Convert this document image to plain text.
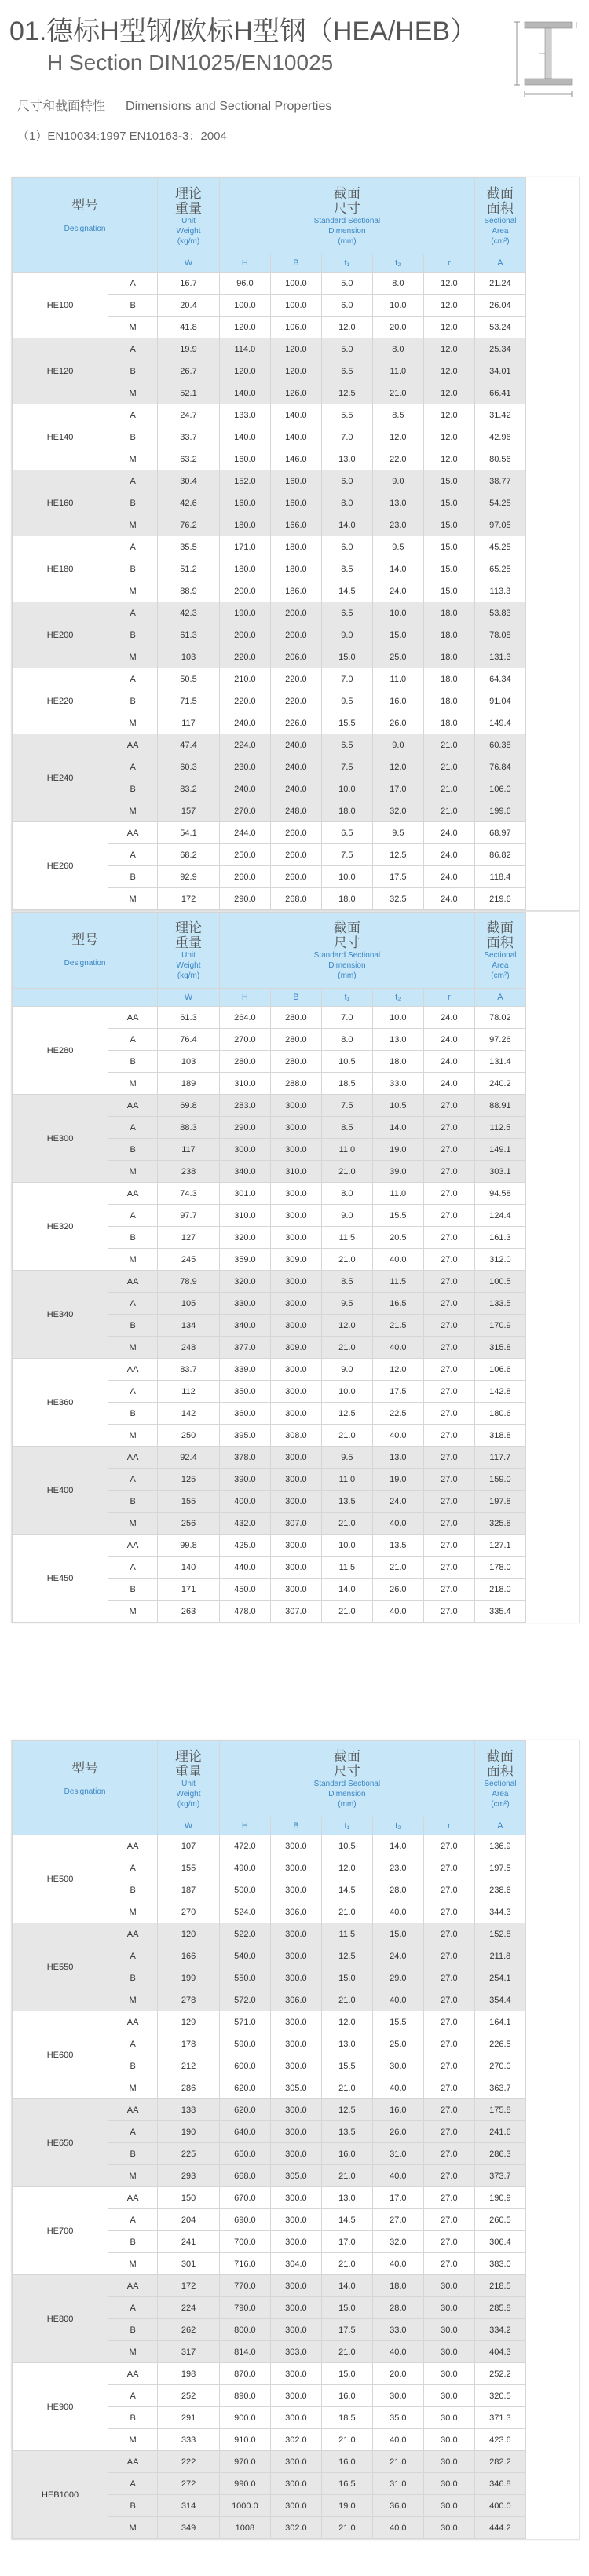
01.德标H型钢/欧标H型钢（HEA/HEB）
H Section DIN1025/EN10025
尺寸和截面特性 Dimensions and Sectional Properties
（1）EN10034:1997 EN10163-3：2004
型号
Designation		理论
重量
Unit
Weight
(kg/m)	截面
尺寸
Standard Sectional
Dimension
(mm)					截面
面积
Sectional
Area
(cm²)

		W	H	B	t₁	t₂	r	A
HE100	A	16.7	96.0	100.0	5.0	8.0	12.0	21.24
	B	20.4	100.0	100.0	6.0	10.0	12.0	26.04
	M	41.8	120.0	106.0	12.0	20.0	12.0	53.24
HE120	A	19.9	114.0	120.0	5.0	8.0	12.0	25.34
	B	26.7	120.0	120.0	6.5	11.0	12.0	34.01
	M	52.1	140.0	126.0	12.5	21.0	12.0	66.41
HE140	A	24.7	133.0	140.0	5.5	8.5	12.0	31.42
	B	33.7	140.0	140.0	7.0	12.0	12.0	42.96
	M	63.2	160.0	146.0	13.0	22.0	12.0	80.56
HE160	A	30.4	152.0	160.0	6.0	9.0	15.0	38.77
	B	42.6	160.0	160.0	8.0	13.0	15.0	54.25
	M	76.2	180.0	166.0	14.0	23.0	15.0	97.05
HE180	A	35.5	171.0	180.0	6.0	9.5	15.0	45.25
	B	51.2	180.0	180.0	8.5	14.0	15.0	65.25
	M	88.9	200.0	186.0	14.5	24.0	15.0	113.3
HE200	A	42.3	190.0	200.0	6.5	10.0	18.0	53.83
	B	61.3	200.0	200.0	9.0	15.0	18.0	78.08
	M	103	220.0	206.0	15.0	25.0	18.0	131.3
HE220	A	50.5	210.0	220.0	7.0	11.0	18.0	64.34
	B	71.5	220.0	220.0	9.5	16.0	18.0	91.04
	M	117	240.0	226.0	15.5	26.0	18.0	149.4
HE240	AA	47.4	224.0	240.0	6.5	9.0	21.0	60.38
	A	60.3	230.0	240.0	7.5	12.0	21.0	76.84
	B	83.2	240.0	240.0	10.0	17.0	21.0	106.0
	M	157	270.0	248.0	18.0	32.0	21.0	199.6
HE260	AA	54.1	244.0	260.0	6.5	9.5	24.0	68.97
	A	68.2	250.0	260.0	7.5	12.5	24.0	86.82
	B	92.9	260.0	260.0	10.0	17.5	24.0	118.4
	M	172	290.0	268.0	18.0	32.5	24.0	219.6
型号
Designation		理论
重量
Unit
Weight
(kg/m)	截面
尺寸
Standard Sectional
Dimension
(mm)					截面
面积
Sectional
Area
(cm²)

		W	H	B	t₁	t₂	r	A
HE280	AA	61.3	264.0	280.0	7.0	10.0	24.0	78.02
	A	76.4	270.0	280.0	8.0	13.0	24.0	97.26
	B	103	280.0	280.0	10.5	18.0	24.0	131.4
	M	189	310.0	288.0	18.5	33.0	24.0	240.2
HE300	AA	69.8	283.0	300.0	7.5	10.5	27.0	88.91
	A	88.3	290.0	300.0	8.5	14.0	27.0	112.5
	B	117	300.0	300.0	11.0	19.0	27.0	149.1
	M	238	340.0	310.0	21.0	39.0	27.0	303.1
HE320	AA	74.3	301.0	300.0	8.0	11.0	27.0	94.58
	A	97.7	310.0	300.0	9.0	15.5	27.0	124.4
	B	127	320.0	300.0	11.5	20.5	27.0	161.3
	M	245	359.0	309.0	21.0	40.0	27.0	312.0
HE340	AA	78.9	320.0	300.0	8.5	11.5	27.0	100.5
	A	105	330.0	300.0	9.5	16.5	27.0	133.5
	B	134	340.0	300.0	12.0	21.5	27.0	170.9
	M	248	377.0	309.0	21.0	40.0	27.0	315.8
HE360	AA	83.7	339.0	300.0	9.0	12.0	27.0	106.6
	A	112	350.0	300.0	10.0	17.5	27.0	142.8
	B	142	360.0	300.0	12.5	22.5	27.0	180.6
	M	250	395.0	308.0	21.0	40.0	27.0	318.8
HE400	AA	92.4	378.0	300.0	9.5	13.0	27.0	117.7
	A	125	390.0	300.0	11.0	19.0	27.0	159.0
	B	155	400.0	300.0	13.5	24.0	27.0	197.8
	M	256	432.0	307.0	21.0	40.0	27.0	325.8
HE450	AA	99.8	425.0	300.0	10.0	13.5	27.0	127.1
	A	140	440.0	300.0	11.5	21.0	27.0	178.0
	B	171	450.0	300.0	14.0	26.0	27.0	218.0
	M	263	478.0	307.0	21.0	40.0	27.0	335.4
型号
Designation		理论
重量
Unit
Weight
(kg/m)	截面
尺寸
Standard Sectional
Dimension
(mm)					截面
面积
Sectional
Area
(cm²)

		W	H	B	t₁	t₂	r	A
HE500	AA	107	472.0	300.0	10.5	14.0	27.0	136.9
	A	155	490.0	300.0	12.0	23.0	27.0	197.5
	B	187	500.0	300.0	14.5	28.0	27.0	238.6
	M	270	524.0	306.0	21.0	40.0	27.0	344.3
HE550	AA	120	522.0	300.0	11.5	15.0	27.0	152.8
	A	166	540.0	300.0	12.5	24.0	27.0	211.8
	B	199	550.0	300.0	15.0	29.0	27.0	254.1
	M	278	572.0	306.0	21.0	40.0	27.0	354.4
HE600	AA	129	571.0	300.0	12.0	15.5	27.0	164.1
	A	178	590.0	300.0	13.0	25.0	27.0	226.5
	B	212	600.0	300.0	15.5	30.0	27.0	270.0
	M	286	620.0	305.0	21.0	40.0	27.0	363.7
HE650	AA	138	620.0	300.0	12.5	16.0	27.0	175.8
	A	190	640.0	300.0	13.5	26.0	27.0	241.6
	B	225	650.0	300.0	16.0	31.0	27.0	286.3
	M	293	668.0	305.0	21.0	40.0	27.0	373.7
HE700	AA	150	670.0	300.0	13.0	17.0	27.0	190.9
	A	204	690.0	300.0	14.5	27.0	27.0	260.5
	B	241	700.0	300.0	17.0	32.0	27.0	306.4
	M	301	716.0	304.0	21.0	40.0	27.0	383.0
HE800	AA	172	770.0	300.0	14.0	18.0	30.0	218.5
	A	224	790.0	300.0	15.0	28.0	30.0	285.8
	B	262	800.0	300.0	17.5	33.0	30.0	334.2
	M	317	814.0	303.0	21.0	40.0	30.0	404.3
HE900	AA	198	870.0	300.0	15.0	20.0	30.0	252.2
	A	252	890.0	300.0	16.0	30.0	30.0	320.5
	B	291	900.0	300.0	18.5	35.0	30.0	371.3
	M	333	910.0	302.0	21.0	40.0	30.0	423.6
HEB1000	AA	222	970.0	300.0	16.0	21.0	30.0	282.2
	A	272	990.0	300.0	16.5	31.0	30.0	346.8
	B	314	1000.0	300.0	19.0	36.0	30.0	400.0
	M	349	1008	302.0	21.0	40.0	30.0	444.2
